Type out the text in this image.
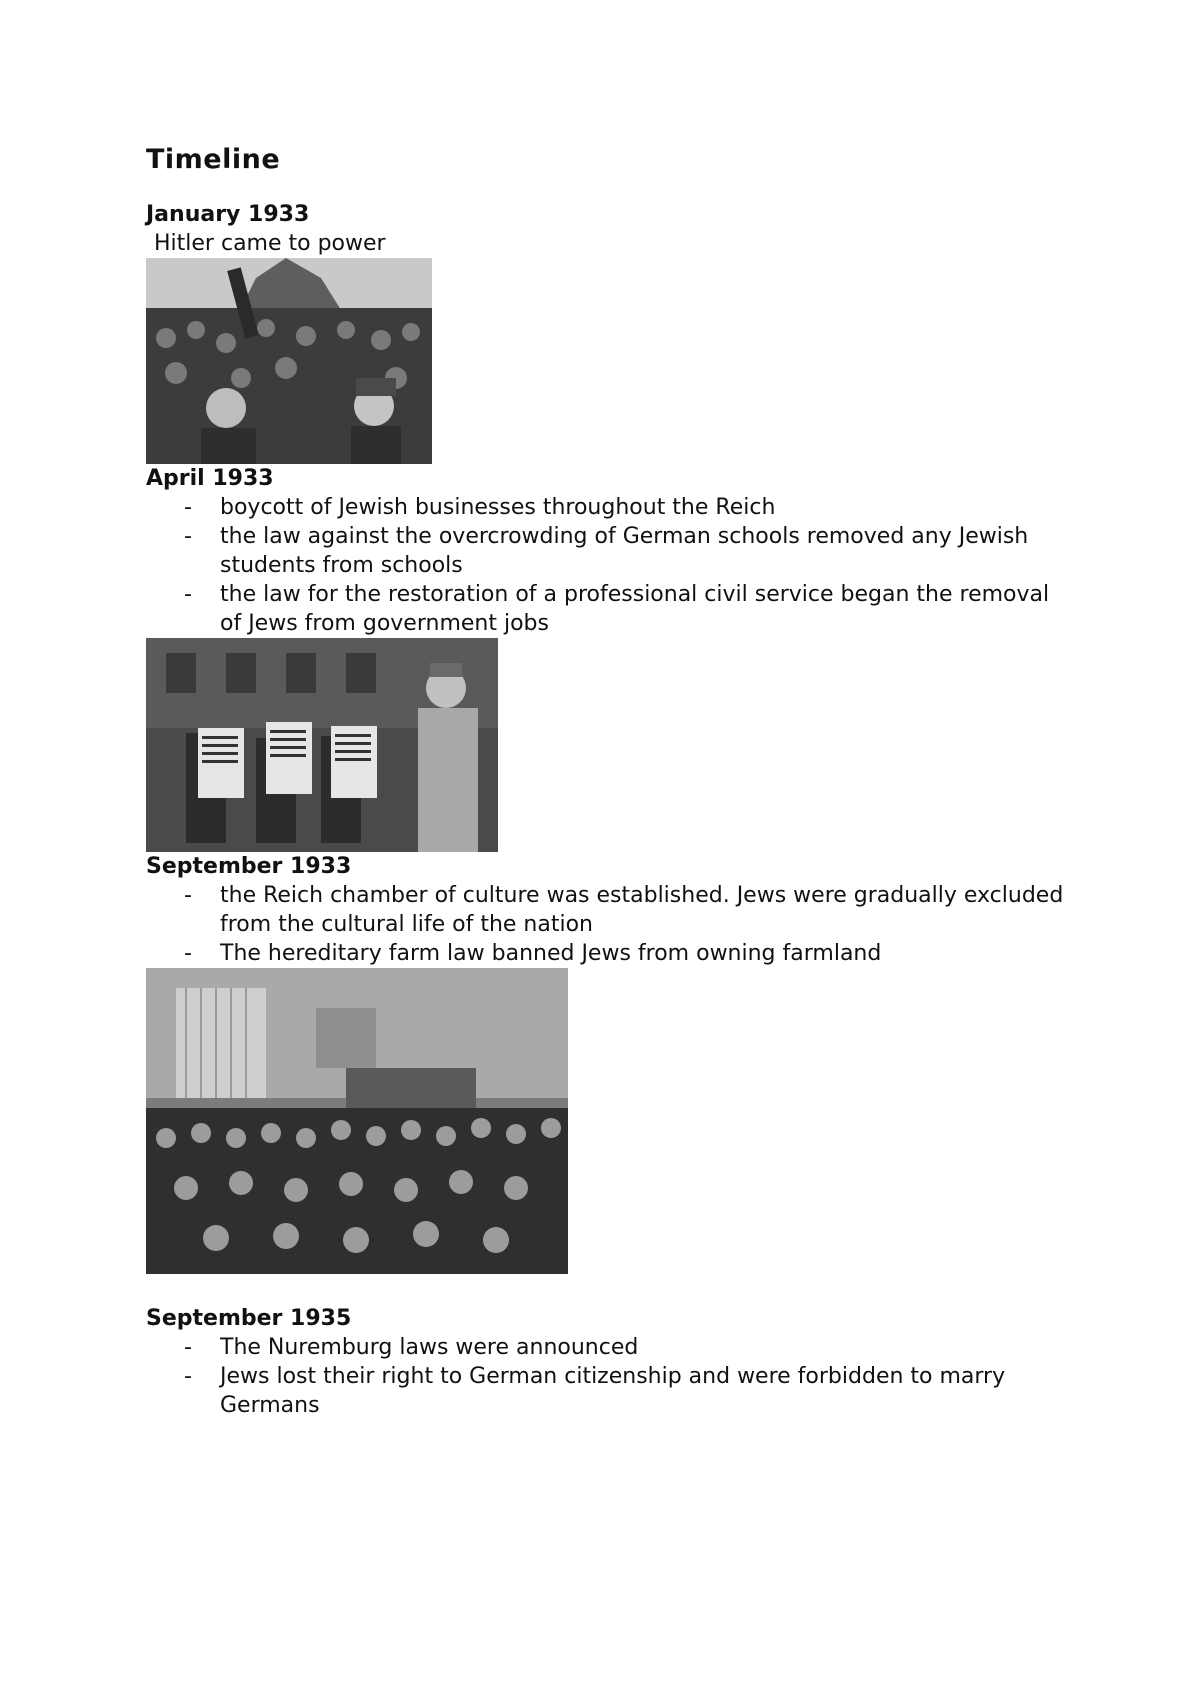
Timeline

January 1933

Hitler came to power

April 1933

- boycott of Jewish businesses throughout the Reich
- the law against the overcrowding of German schools removed any Jewish students from schools
- the law for the restoration of a professional civil service began the removal of Jews from government jobs

September 1933

- the Reich chamber of culture was established. Jews were gradually excluded from the cultural life of the nation
- The hereditary farm law banned Jews from owning farmland

September 1935

- The Nuremburg laws were announced
- Jews lost their right to German citizenship and were forbidden to marry Germans
